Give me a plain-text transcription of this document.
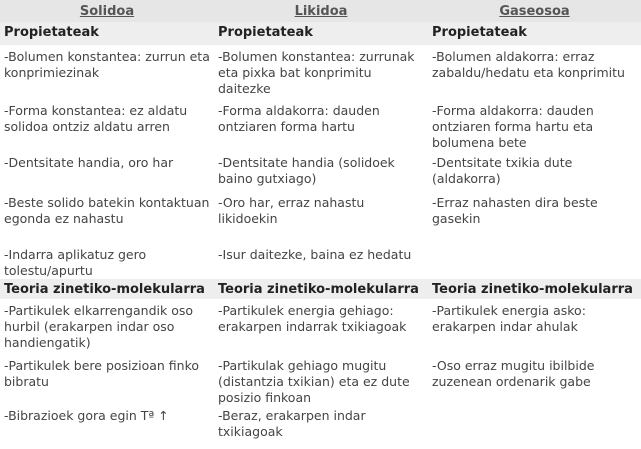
Solidoa	Likidoa	Gaseosoa
Propietateak	Propietateak	Propietateak
-Bolumen konstantea: zurrun eta konprimiezinak	-Bolumen konstantea: zurrunak eta pixka bat konprimitu daitezke	-Bolumen aldakorra: erraz zabaldu/hedatu eta konprimitu
-Forma konstantea: ez aldatu solidoa ontziz aldatu arren	-Forma aldakorra: dauden ontziaren forma hartu	-Forma aldakorra: dauden ontziaren forma hartu eta bolumena bete
-Dentsitate handia, oro har	-Dentsitate handia (solidoek baino gutxiago)	-Dentsitate txikia dute (aldakorra)
-Beste solido batekin kontaktuan egonda ez nahastu	-Oro har, erraz nahastu likidoekin	-Erraz nahasten dira beste gasekin
-Indarra aplikatuz gero tolestu/apurtu	-Isur daitezke, baina ez hedatu	
Teoria zinetiko-molekularra	Teoria zinetiko-molekularra	Teoria zinetiko-molekularra
-Partikulek elkarrengandik oso hurbil (erakarpen indar oso handiengatik)	-Partikulek energia gehiago: erakarpen indarrak txikiagoak	-Partikulek energia asko: erakarpen indar ahulak
-Partikulek bere posizioan finko bibratu	-Partikulak gehiago mugitu (distantzia txikian) eta ez dute posizio finkoan	-Oso erraz mugitu ibilbide zuzenean ordenarik gabe
-Bibrazioek gora egin Tª ↑	-Beraz, erakarpen indar txikiagoak	
